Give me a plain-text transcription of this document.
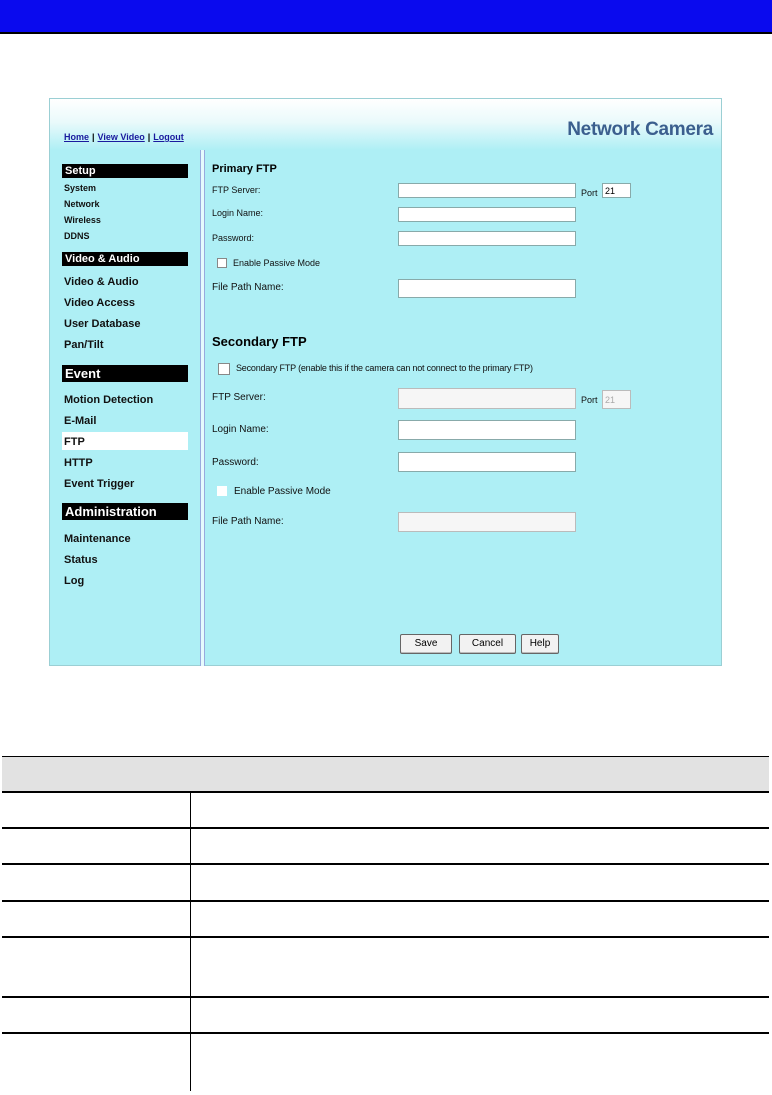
Home | View Video | Logout	Network Camera
Setup
System
Network
Wireless
DDNS
Video & Audio
Video & Audio
Video Access
User Database
Pan/Tilt
Event
Motion Detection
E-Mail
FTP
HTTP
Event Trigger
Administration
Maintenance
Status
Log
Primary FTP
FTP Server:	Port
21
Login Name:
Password:
Enable Passive Mode
File Path Name:
Secondary FTP
Secondary FTP (enable this if the camera can not connect to the primary FTP)
FTP Server:	Port
21
Login Name:
Password:
Enable Passive Mode
File Path Name:
Save	Cancel	Help
